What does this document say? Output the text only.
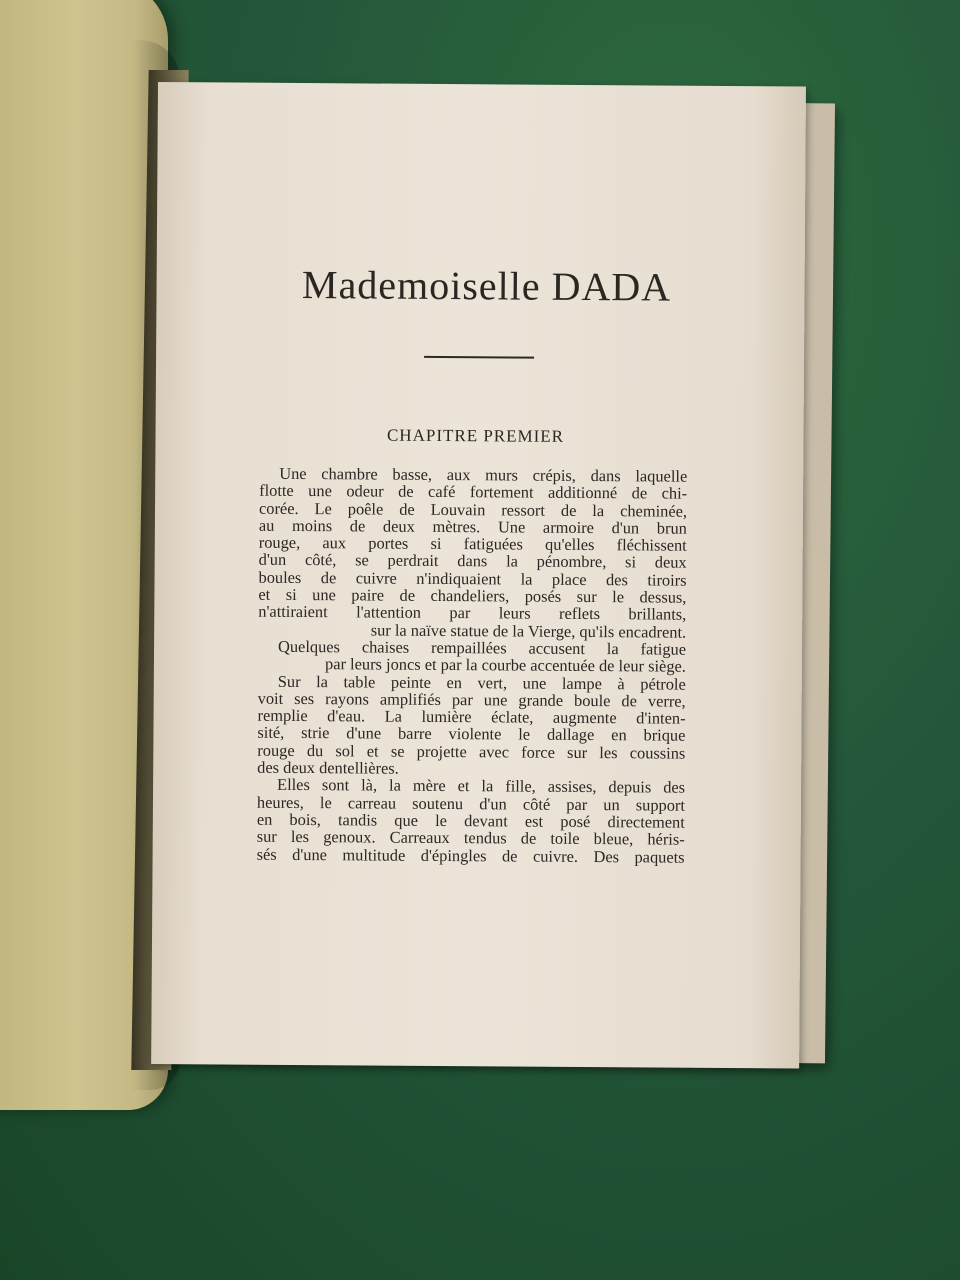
Mademoiselle DADA
CHAPITRE PREMIER
Une chambre basse, aux murs crépis, dans laquelle
flotte une odeur de café fortement additionné de chi-
corée. Le poêle de Louvain ressort de la cheminée,
au moins de deux mètres. Une armoire d'un brun
rouge, aux portes si fatiguées qu'elles fléchissent
d'un côté, se perdrait dans la pénombre, si deux
boules de cuivre n'indiquaient la place des tiroirs
et si une paire de chandeliers, posés sur le dessus,
n'attiraient l'attention par leurs reflets brillants,
sur la naïve statue de la Vierge, qu'ils encadrent.
Quelques chaises rempaillées accusent la fatigue
par leurs joncs et par la courbe accentuée de leur siège.
Sur la table peinte en vert, une lampe à pétrole
voit ses rayons amplifiés par une grande boule de verre,
remplie d'eau. La lumière éclate, augmente d'inten-
sité, strie d'une barre violente le dallage en brique
rouge du sol et se projette avec force sur les coussins
des deux dentellières.
Elles sont là, la mère et la fille, assises, depuis des
heures, le carreau soutenu d'un côté par un support
en bois, tandis que le devant est posé directement
sur les genoux. Carreaux tendus de toile bleue, héris-
sés d'une multitude d'épingles de cuivre. Des paquets
